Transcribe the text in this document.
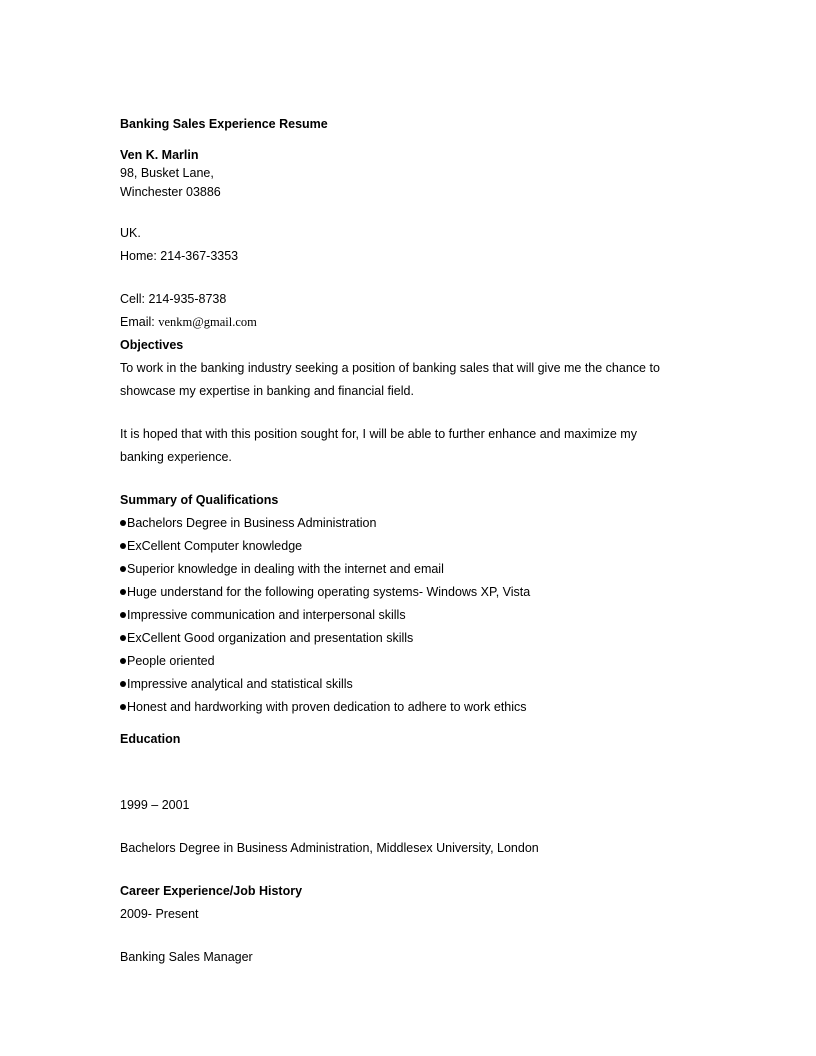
Banking Sales Experience Resume
Ven K. Marlin
98, Busket Lane,
Winchester 03886
UK.
Home: 214-367-3353
Cell: 214-935-8738
Email: venkm@gmail.com
Objectives
To work in the banking industry seeking a position of banking sales that will give me the chance to
showcase my expertise in banking and financial field.
It is hoped that with this position sought for, I will be able to further enhance and maximize my
banking experience.
Summary of Qualifications
Bachelors Degree in Business Administration
ExCellent Computer knowledge
Superior knowledge in dealing with the internet and email
Huge understand for the following operating systems- Windows XP, Vista
Impressive communication and interpersonal skills
ExCellent Good organization and presentation skills
People oriented
Impressive analytical and statistical skills
Honest and hardworking with proven dedication to adhere to work ethics
Education
1999 – 2001
Bachelors Degree in Business Administration, Middlesex University, London
Career Experience/Job History
2009- Present
Banking Sales Manager
